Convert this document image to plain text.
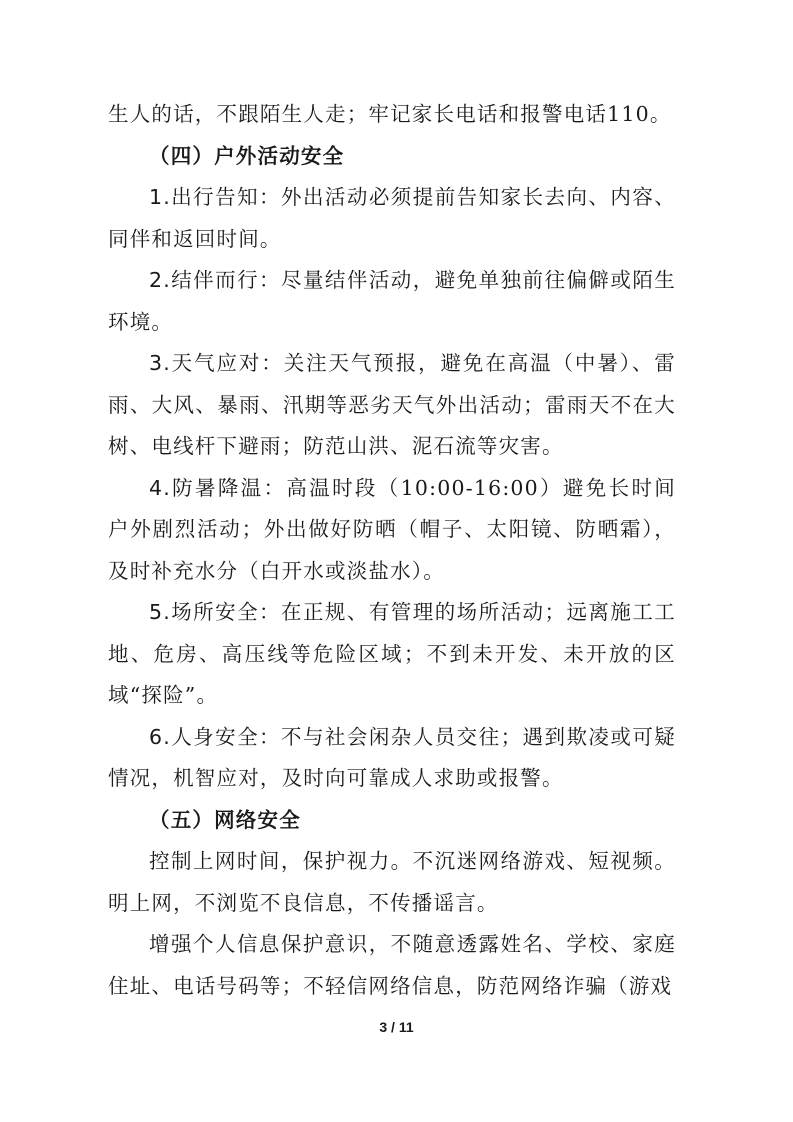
生人的话，不跟陌生人走；牢记家长电话和报警电话110。

（四）户外活动安全

1.出行告知：外出活动必须提前告知家长去向、内容、同伴和返回时间。

2.结伴而行：尽量结伴活动，避免单独前往偏僻或陌生环境。

3.天气应对：关注天气预报，避免在高温（中暑）、雷雨、大风、暴雨、汛期等恶劣天气外出活动；雷雨天不在大树、电线杆下避雨；防范山洪、泥石流等灾害。

4.防暑降温：高温时段（10:00-16:00）避免长时间户外剧烈活动；外出做好防晒（帽子、太阳镜、防晒霜），及时补充水分（白开水或淡盐水）。

5.场所安全：在正规、有管理的场所活动；远离施工工地、危房、高压线等危险区域；不到未开发、未开放的区域“探险”。

6.人身安全：不与社会闲杂人员交往；遇到欺凌或可疑情况，机智应对，及时向可靠成人求助或报警。

（五）网络安全

控制上网时间，保护视力。不沉迷网络游戏、短视频。明上网，不浏览不良信息，不传播谣言。

增强个人信息保护意识，不随意透露姓名、学校、家庭住址、电话号码等；不轻信网络信息，防范网络诈骗（游戏

3 / 11
